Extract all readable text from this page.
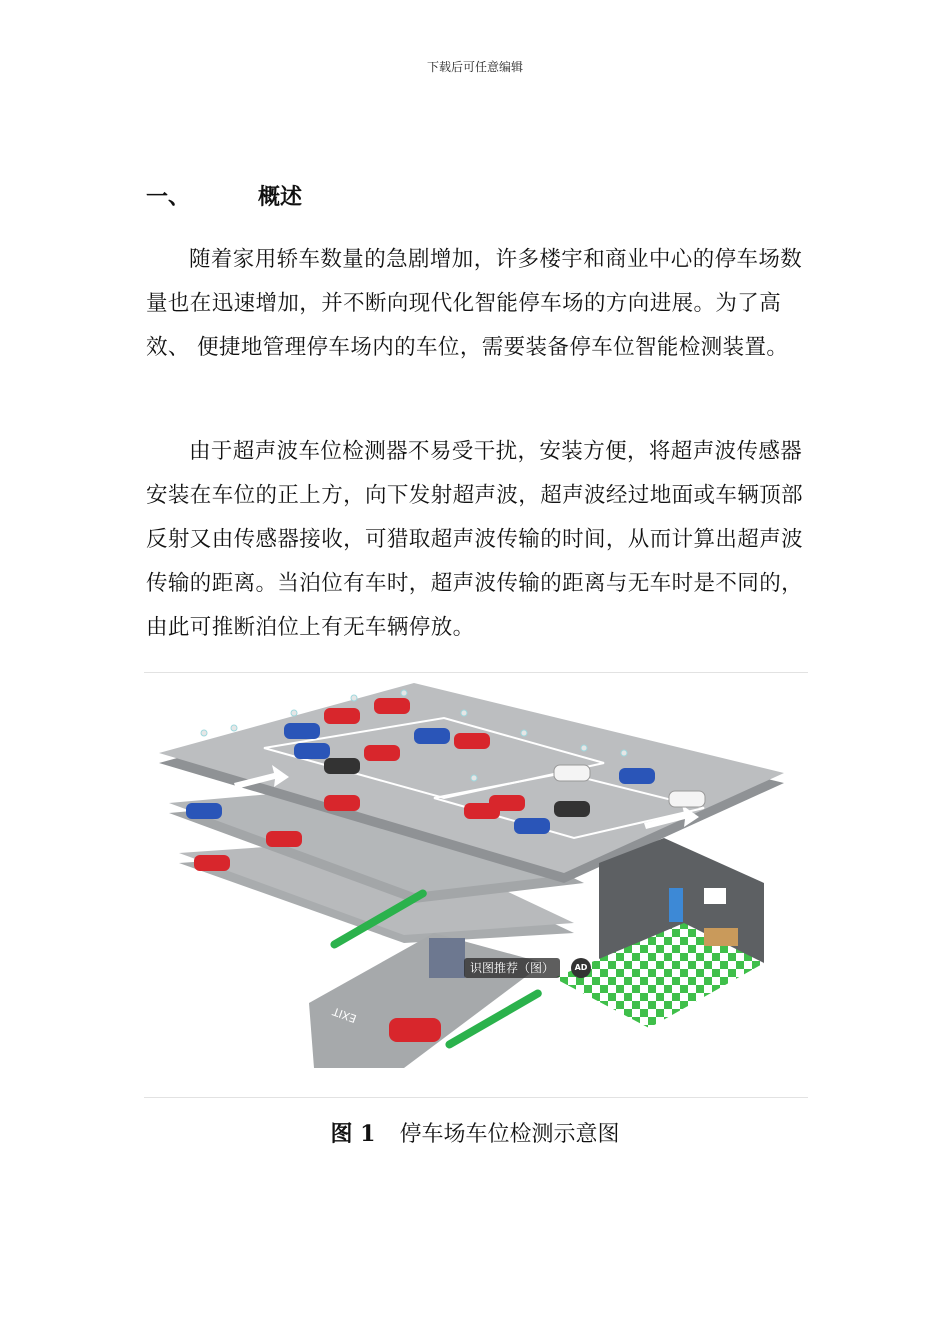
下载后可任意编辑
一、	概述

随着家用轿车数量的急剧增加，许多楼宇和商业中心的停车场数量也在迅速增加，并不断向现代化智能停车场的方向进展。为了高效、 便捷地管理停车场内的车位，需要装备停车位智能检测装置。

由于超声波车位检测器不易受干扰，安装方便，将超声波传感器安装在车位的正上方，向下发射超声波，超声波经过地面或车辆顶部反射又由传感器接收，可猎取超声波传输的时间，从而计算出超声波传输的距离。当泊位有车时，超声波传输的距离与无车时是不同的，由此可推断泊位上有无车辆停放。

EXIT
识图推荐（图）	AD
图 1 停车场车位检测示意图
